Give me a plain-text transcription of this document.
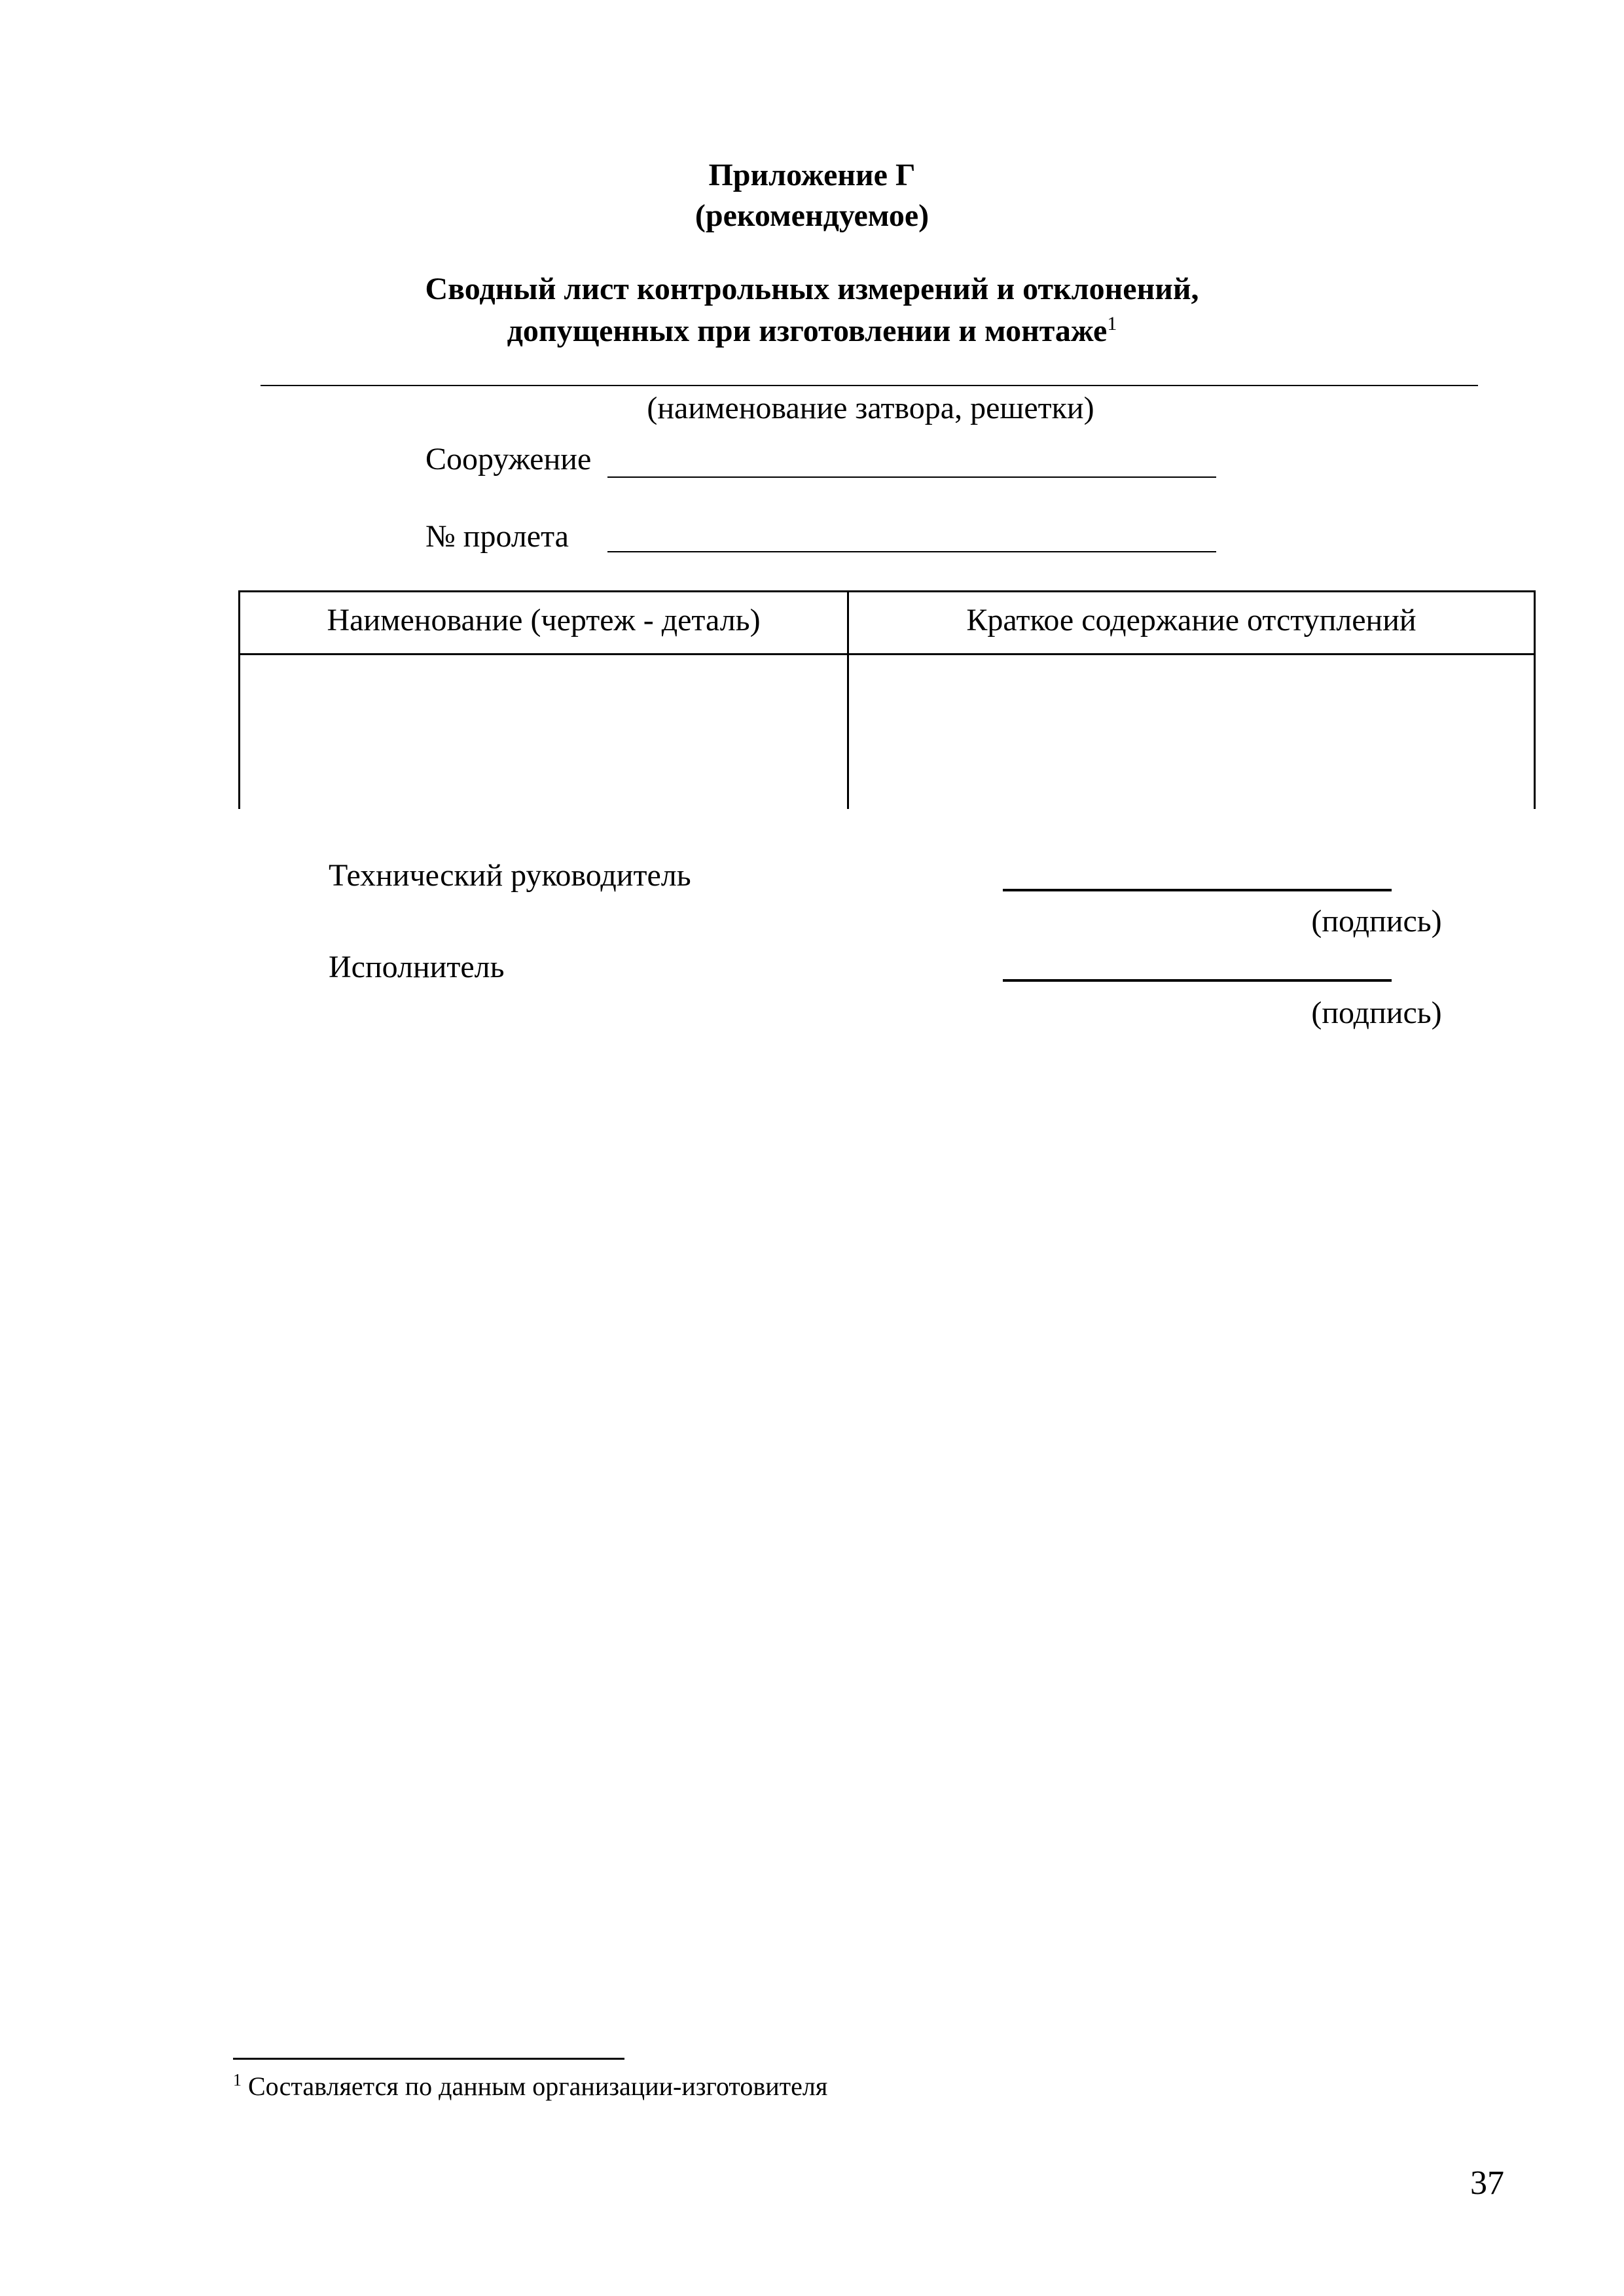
Приложение Г
(рекомендуемое)
Сводный лист контрольных измерений и отклонений,
допущенных при изготовлении и монтаже$^1$
(наименование затвора, решетки)
Сооружение
№ пролета
Наименование (чертеж - деталь)	Краткое содержание отступлений
Технический руководитель
(подпись)
Исполнитель
(подпись)
$^1$ Составляется по данным организации-изготовителя
37
